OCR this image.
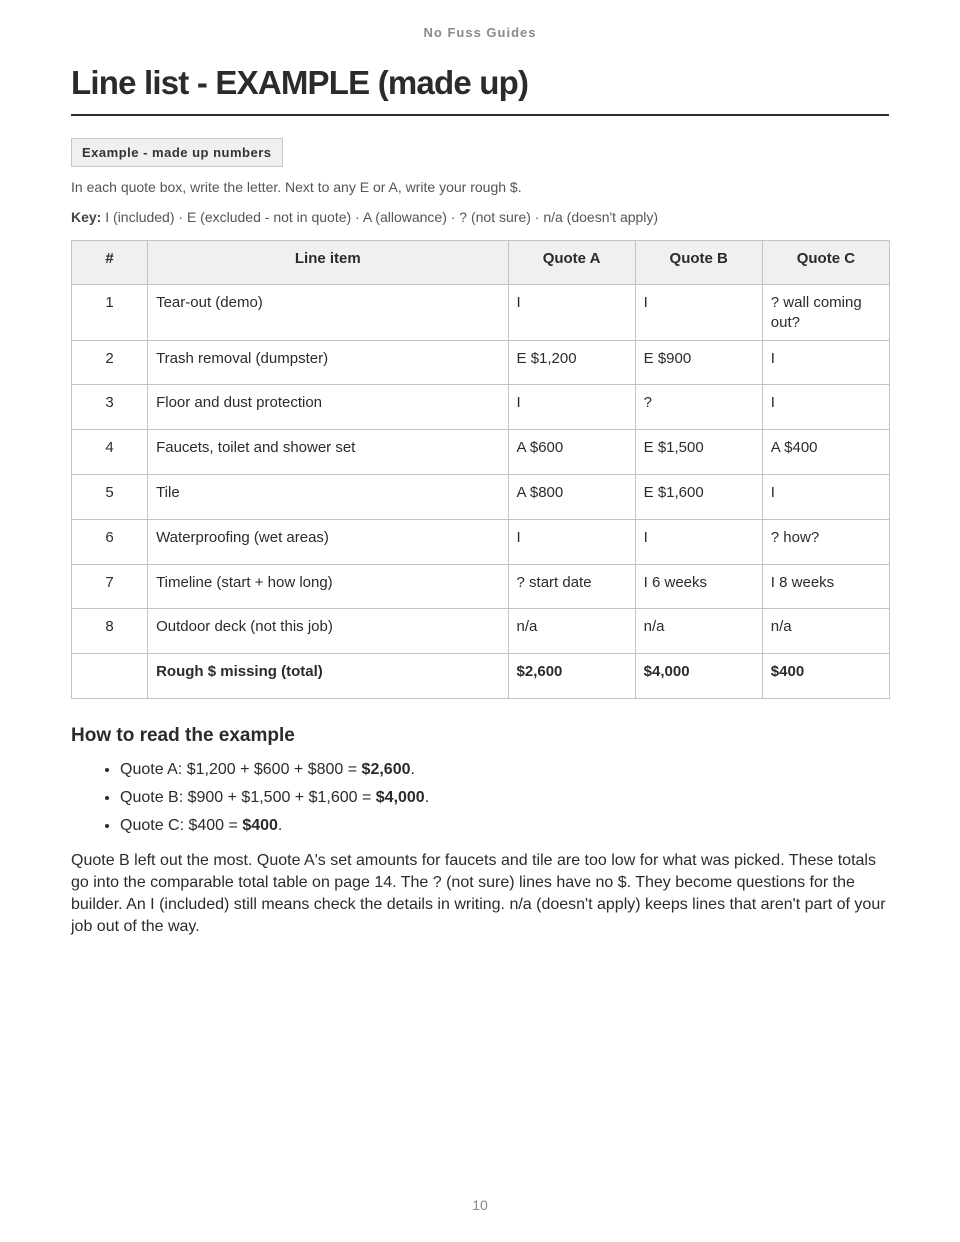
No Fuss Guides
Line list - EXAMPLE (made up)
Example - made up numbers

In each quote box, write the letter. Next to any E or A, write your rough $.

Key: I (included) · E (excluded - not in quote) · A (allowance) · ? (not sure) · n/a (doesn't apply)

#	Line item	Quote A	Quote B	Quote C
1	Tear-out (demo)	I	I	? wall coming out?
2	Trash removal (dumpster)	E $1,200	E $900	I
3	Floor and dust protection	I	?	I
4	Faucets, toilet and shower set	A $600	E $1,500	A $400
5	Tile	A $800	E $1,600	I
6	Waterproofing (wet areas)	I	I	? how?
7	Timeline (start + how long)	? start date	I 6 weeks	I 8 weeks
8	Outdoor deck (not this job)	n/a	n/a	n/a
	Rough $ missing (total)	$2,600	$4,000	$400
How to read the example
• Quote A: $1,200 + $600 + $800 = $2,600.
• Quote B: $900 + $1,500 + $1,600 = $4,000.
• Quote C: $400 = $400.

Quote B left out the most. Quote A's set amounts for faucets and tile are too low for what was picked. These totals go into the comparable total table on page 14. The ? (not sure) lines have no $. They become questions for the builder. An I (included) still means check the details in writing. n/a (doesn't apply) keeps lines that aren't part of your job out of the way.

10
